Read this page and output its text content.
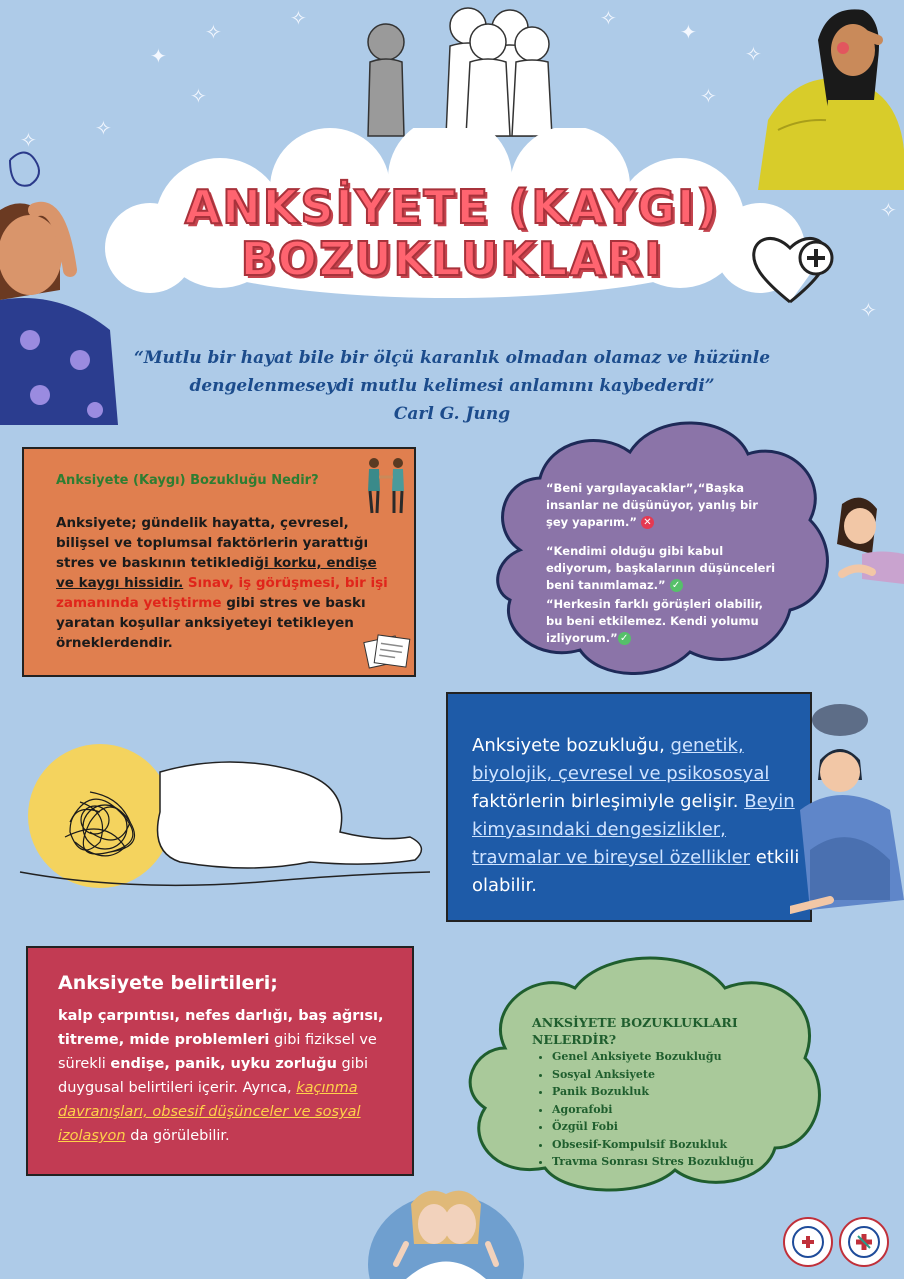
✦
✧
✧
✧
✧
✧
✧
✦
✧
✧
✧
✧
ANKSİYETE (KAYGI)
BOZUKLUKLARI
“Mutlu bir hayat bile bir ölçü karanlık olmadan olamaz ve hüzünle
dengelenmeseydi mutlu kelimesi anlamını kaybederdi”
Carl G. Jung
Anksiyete (Kaygı) Bozukluğu Nedir?
Anksiyete; gündelik hayatta, çevresel, bilişsel ve toplumsal faktörlerin yarattığı stres ve baskının tetiklediği korku, endişe ve kaygı hissidir. Sınav, iş görüşmesi, bir işi zamanında yetiştirme gibi stres ve baskı yaratan koşullar anksiyeteyi tetikleyen örneklerdendir.

“Beni yargılayacaklar”,“Başka insanlar ne düşünüyor, yanlış bir şey yaparım.” ✕

“Kendimi olduğu gibi kabul ediyorum, başkalarının düşünceleri beni tanımlamaz.” ✓

“Herkesin farklı görüşleri olabilir, bu beni etkilemez. Kendi yolumu izliyorum.” ✓

Anksiyete bozukluğu, genetik, biyolojik, çevresel ve psikososyal faktörlerin birleşimiyle gelişir. Beyin kimyasındaki dengesizlikler, travmalar ve bireysel özellikler etkili olabilir.
Anksiyete belirtileri;
kalp çarpıntısı, nefes darlığı, baş ağrısı, titreme, mide problemleri gibi fiziksel ve sürekli endişe, panik, uyku zorluğu gibi duygusal belirtileri içerir. Ayrıca, kaçınma davranışları, obsesif düşünceler ve sosyal izolasyon da görülebilir.
ANKSİYETE BOZUKLUKLARI
NELERDİR?
• Genel Anksiyete Bozukluğu
• Sosyal Anksiyete
• Panik Bozukluk
• Agorafobi
• Özgül Fobi
• Obsesif-Kompulsif Bozukluk
• Travma Sonrası Stres Bozukluğu
